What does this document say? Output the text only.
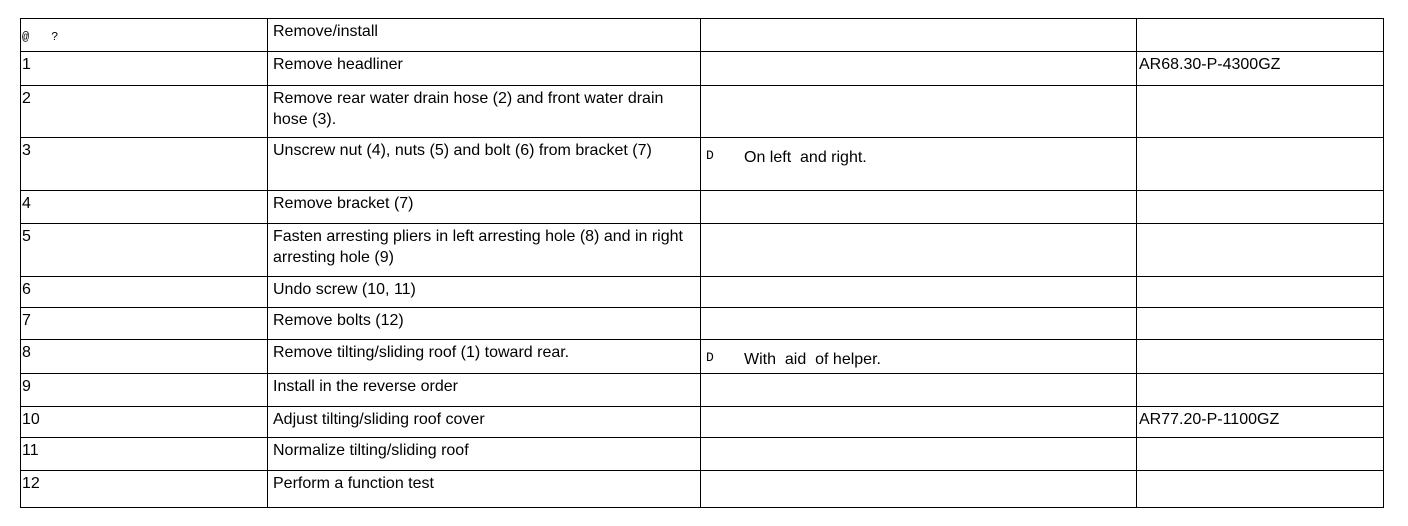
@ ?	Remove/install		
1	Remove headliner		AR68.30-P-4300GZ
2	Remove rear water drain hose (2) and front water drain hose (3).		
3	Unscrew nut (4), nuts (5) and bolt (6) from bracket (7)	D On left  and right.	
4	Remove bracket (7)		
5	Fasten arresting pliers in left arresting hole (8) and in right arresting hole (9)		
6	Undo screw (10, 11)		
7	Remove bolts (12)		
8	Remove tilting/sliding roof (1) toward rear.	D With  aid  of helper.	
9	Install in the reverse order		
10	Adjust tilting/sliding roof cover		AR77.20-P-1100GZ
11	Normalize tilting/sliding roof		
12	Perform a function test		
